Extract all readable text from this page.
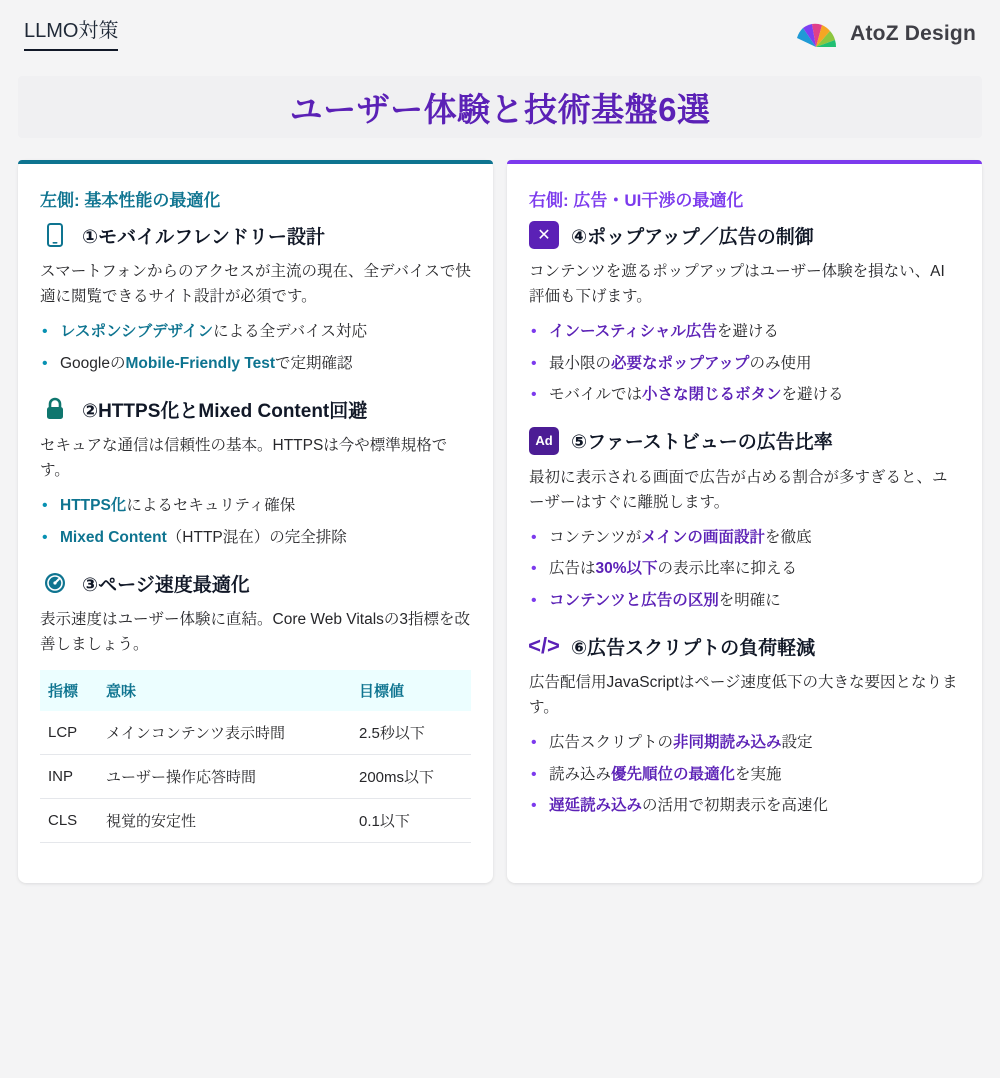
LLMO対策	AtoZ Design
ユーザー体験と技術基盤6選
左側: 基本性能の最適化
①モバイルフレンドリー設計

スマートフォンからのアクセスが主流の現在、全デバイスで快適に閲覧できるサイト設計が必須です。

• レスポンシブデザインによる全デバイス対応
• GoogleのMobile-Friendly Testで定期確認
②HTTPS化とMixed Content回避

セキュアな通信は信頼性の基本。HTTPSは今や標準規格です。

• HTTPS化によるセキュリティ確保
• Mixed Content（HTTP混在）の完全排除
③ページ速度最適化

表示速度はユーザー体験に直結。Core Web Vitalsの3指標を改善しましょう。

指標	意味	目標値
LCP	メインコンテンツ表示時間	2.5秒以下
INP	ユーザー操作応答時間	200ms以下
CLS	視覚的安定性	0.1以下
右側: 広告・UI干渉の最適化
✕	④ポップアップ／広告の制御

コンテンツを遮るポップアップはユーザー体験を損ない、AI評価も下げます。

• インースティシャル広告を避ける
• 最小限の必要なポップアップのみ使用
• モバイルでは小さな閉じるボタンを避ける
Ad ⑤ファーストビューの広告比率

最初に表示される画面で広告が占める割合が多すぎると、ユーザーはすぐに離脱します。

• コンテンツがメインの画面設計を徹底
• 広告は30%以下の表示比率に抑える
• コンテンツと広告の区別を明確に
</> ⑥広告スクリプトの負荷軽減

広告配信用JavaScriptはページ速度低下の大きな要因となります。

• 広告スクリプトの非同期読み込み設定
• 読み込み優先順位の最適化を実施
• 遅延読み込みの活用で初期表示を高速化
